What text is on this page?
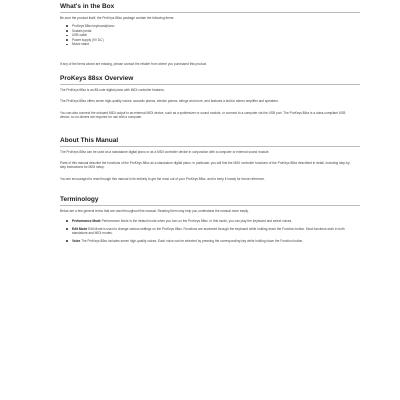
What's in the Box
Be sure the product itself, the ProKeys 88sx package contain the following items:
ProKeys 88sx keyboard/piano
Sustain pedal
USB cable
Power supply (9V DC)
Music stand
If any of the items above are missing, please contact the retailer from where you purchased this product.
ProKeys 88sx Overview
The ProKeys 88sx is an 88-note digital piano with MIDI controller features.
The ProKeys 88sx offers seven high-quality voices: acoustic pianos, electric pianos, strings and more, and features a built-in stereo amplifier and speakers.
You can also connect the onboard MIDI output to an external MIDI device, such as a synthesizer or sound module, or connect to a computer via the USB port. The ProKeys 88sx is a class-compliant USB device, so no drivers are required for use with a computer.
About This Manual
The ProKeys 88sx can be used as a standalone digital piano or as a MIDI controller device in conjunction with a computer or external sound module.
Parts of this manual describe the functions of the ProKeys 88sx as a standalone digital piano. In particular, you will find the MIDI controller functions of the ProKeys 88sx described in detail, including step-by-step instructions for MIDI setup.
You are encouraged to read through this manual in its entirety to get the most out of your ProKeys 88sx, and to keep it handy for future reference.
Terminology
Below are a few general terms that are used throughout this manual. Reading them may help you understand the manual more easily.
Performance Mode Performance Mode is the default mode when you turn on the ProKeys 88sx. In this mode, you can play the keyboard and select voices.
Edit Mode Edit Mode is used to change various settings on the ProKeys 88sx. Functions are accessed through the keyboard while holding down the Function button. Most functions work in both standalone and MIDI modes.
Voice The ProKeys 88sx includes seven high-quality voices. Each voice can be selected by pressing the corresponding key while holding down the Function button.
